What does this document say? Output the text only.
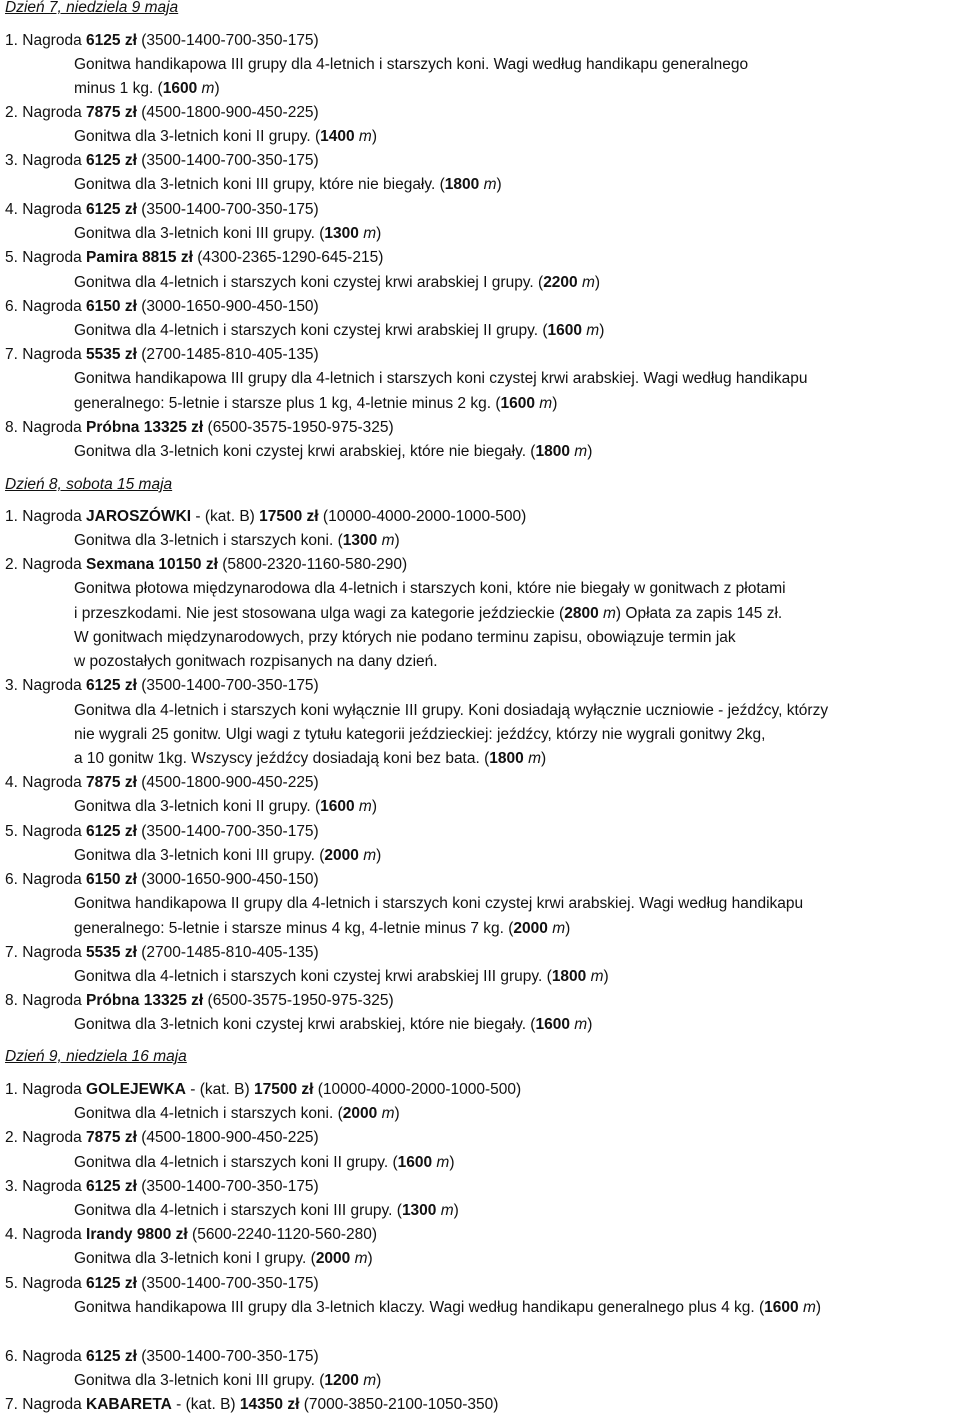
Dzień 7, niedziela 9 maja
1. Nagroda 6125 zł (3500-1400-700-350-175)
Gonitwa handikapowa III grupy dla 4-letnich i starszych koni. Wagi według handikapu generalnego
minus 1 kg. (1600 m)
2. Nagroda 7875 zł (4500-1800-900-450-225)
Gonitwa dla 3-letnich koni II grupy. (1400 m)
3. Nagroda 6125 zł (3500-1400-700-350-175)
Gonitwa dla 3-letnich koni III grupy, które nie biegały. (1800 m)
4. Nagroda 6125 zł (3500-1400-700-350-175)
Gonitwa dla 3-letnich koni III grupy. (1300 m)
5. Nagroda Pamira 8815 zł (4300-2365-1290-645-215)
Gonitwa dla 4-letnich i starszych koni czystej krwi arabskiej I grupy. (2200 m)
6. Nagroda 6150 zł (3000-1650-900-450-150)
Gonitwa dla 4-letnich i starszych koni czystej krwi arabskiej II grupy. (1600 m)
7. Nagroda 5535 zł (2700-1485-810-405-135)
Gonitwa handikapowa III grupy dla 4-letnich i starszych koni czystej krwi arabskiej. Wagi według handikapu
generalnego: 5-letnie i starsze plus 1 kg, 4-letnie minus 2 kg. (1600 m)
8. Nagroda Próbna 13325 zł (6500-3575-1950-975-325)
Gonitwa dla 3-letnich koni czystej krwi arabskiej, które nie biegały. (1800 m)
Dzień 8, sobota 15 maja
1. Nagroda JAROSZÓWKI - (kat. B) 17500 zł (10000-4000-2000-1000-500)
Gonitwa dla 3-letnich i starszych koni. (1300 m)
2. Nagroda Sexmana 10150 zł (5800-2320-1160-580-290)
Gonitwa płotowa międzynarodowa dla 4-letnich i starszych koni, które nie biegały w gonitwach z płotami
i przeszkodami. Nie jest stosowana ulga wagi za kategorie jeździeckie (2800 m) Opłata za zapis 145 zł.
W gonitwach międzynarodowych, przy których nie podano terminu zapisu, obowiązuje termin jak
w pozostałych gonitwach rozpisanych na dany dzień.
3. Nagroda 6125 zł (3500-1400-700-350-175)
Gonitwa dla 4-letnich i starszych koni wyłącznie III grupy. Koni dosiadają wyłącznie uczniowie - jeźdźcy, którzy
nie wygrali 25 gonitw. Ulgi wagi z tytułu kategorii jeździeckiej: jeźdźcy, którzy nie wygrali gonitwy 2kg,
a 10 gonitw 1kg. Wszyscy jeźdźcy dosiadają koni bez bata. (1800 m)
4. Nagroda 7875 zł (4500-1800-900-450-225)
Gonitwa dla 3-letnich koni II grupy. (1600 m)
5. Nagroda 6125 zł (3500-1400-700-350-175)
Gonitwa dla 3-letnich koni III grupy. (2000 m)
6. Nagroda 6150 zł (3000-1650-900-450-150)
Gonitwa handikapowa II grupy dla 4-letnich i starszych koni czystej krwi arabskiej. Wagi według handikapu
generalnego: 5-letnie i starsze minus 4 kg, 4-letnie minus 7 kg. (2000 m)
7. Nagroda 5535 zł (2700-1485-810-405-135)
Gonitwa dla 4-letnich i starszych koni czystej krwi arabskiej III grupy. (1800 m)
8. Nagroda Próbna 13325 zł (6500-3575-1950-975-325)
Gonitwa dla 3-letnich koni czystej krwi arabskiej, które nie biegały. (1600 m)
Dzień 9, niedziela 16 maja
1. Nagroda GOLEJEWKA - (kat. B) 17500 zł (10000-4000-2000-1000-500)
Gonitwa dla 4-letnich i starszych koni. (2000 m)
2. Nagroda 7875 zł (4500-1800-900-450-225)
Gonitwa dla 4-letnich i starszych koni II grupy. (1600 m)
3. Nagroda 6125 zł (3500-1400-700-350-175)
Gonitwa dla 4-letnich i starszych koni III grupy. (1300 m)
4. Nagroda Irandy 9800 zł (5600-2240-1120-560-280)
Gonitwa dla 3-letnich koni I grupy. (2000 m)
5. Nagroda 6125 zł (3500-1400-700-350-175)
Gonitwa handikapowa III grupy dla 3-letnich klaczy. Wagi według handikapu generalnego plus 4 kg. (1600 m)
6. Nagroda 6125 zł (3500-1400-700-350-175)
Gonitwa dla 3-letnich koni III grupy. (1200 m)
7. Nagroda KABARETA - (kat. B) 14350 zł (7000-3850-2100-1050-350)
